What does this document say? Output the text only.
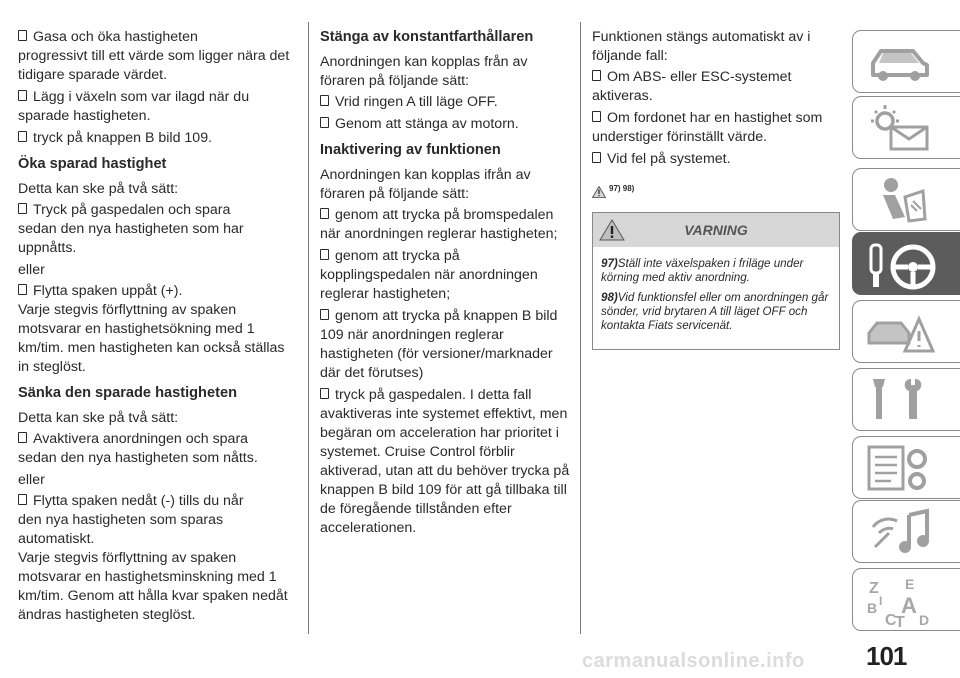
Gasa och öka hastigheten
progressivt till ett värde som ligger nära det tidigare sparade värdet.
Lägg i växeln som var ilagd när du
sparade hastigheten.
tryck på knappen B bild 109.
Öka sparad hastighet
Detta kan ske på två sätt:
Tryck på gaspedalen och spara
sedan den nya hastigheten som har uppnåtts.
eller
Flytta spaken uppåt (+).
Varje stegvis förflyttning av spaken motsvarar en hastighetsökning med 1 km/tim. men hastigheten kan också ställas in steglöst.
Sänka den sparade hastigheten
Detta kan ske på två sätt:
Avaktivera anordningen och spara
sedan den nya hastigheten som nåtts.
eller
Flytta spaken nedåt (-) tills du når
den nya hastigheten som sparas automatiskt.
Varje stegvis förflyttning av spaken motsvarar en hastighetsminskning med 1 km/tim. Genom att hålla kvar spaken nedåt ändras hastigheten steglöst.
Stänga av konstantfarthållaren
Anordningen kan kopplas från av föraren på följande sätt:
Vrid ringen A till läge OFF.
Genom att stänga av motorn.
Inaktivering av funktionen
Anordningen kan kopplas ifrån av föraren på följande sätt:
genom att trycka på bromspedalen
när anordningen reglerar hastigheten;
genom att trycka på
kopplingspedalen när anordningen reglerar hastigheten;
genom att trycka på knappen B bild
109 när anordningen reglerar hastigheten (för versioner/marknader där det förutses)
tryck på gaspedalen. I detta fall
avaktiveras inte systemet effektivt, men begäran om acceleration har prioritet i systemet. Cruise Control förblir aktiverad, utan att du behöver trycka på knappen B bild 109 för att gå tillbaka till de föregående tillstånden efter accelerationen.
Funktionen stängs automatiskt av i följande fall:
Om ABS- eller ESC-systemet
aktiveras.
Om fordonet har en hastighet som
understiger förinställt värde.
Vid fel på systemet.
97) 98)
VARNING

97)Ställ inte växelspaken i friläge under körning med aktiv anordning.

98)Vid funktionsfel eller om anordningen går sönder, vrid brytaren A till läget OFF och kontakta Fiats servicenät.

Z E
B A
C
T D
I
carmanualsonline.info 101
